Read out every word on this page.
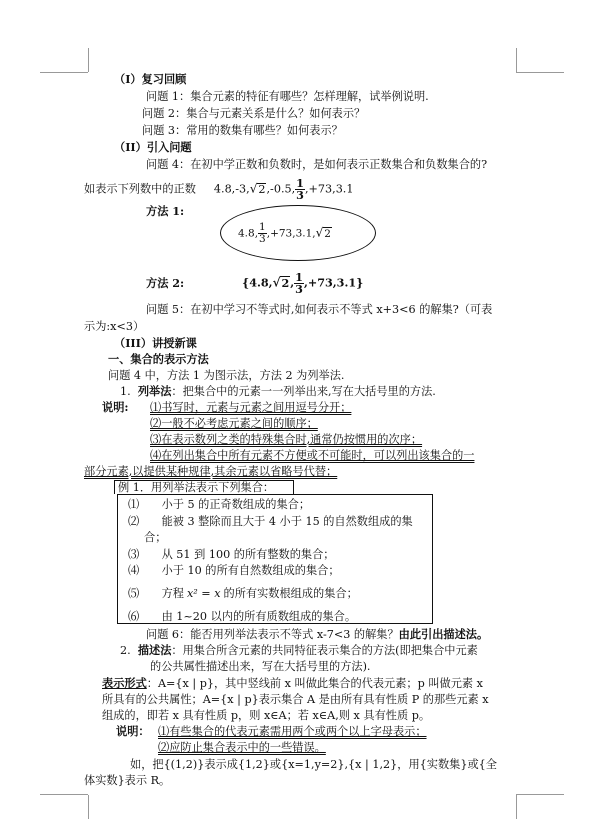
（I）复习回顾
问题 1：集合元素的特征有哪些？怎样理解，试举例说明.
问题 2：集合与元素关系是什么？如何表示？
问题 3：常用的数集有哪些？如何表示？
（II）引入问题
问题 4：在初中学正数和负数时，是如何表示正数集合和负数集合的?
如表示下列数中的正数 4.8,-3,√2,-0.5, $\frac{1}{3} ,+73,3.1$
方法 1:
4.8, $\frac{1}{3} ,+73,3.1,√2$
方法 2:	{4.8,√2, $\frac{1}{3} ,+73,3.1$}
问题 5：在初中学习不等式时,如何表示不等式 x+3<6 的解集?（可表
示为:x<3）
（III）讲授新课
一、集合的表示方法
问题 4 中，方法 1 为图示法，方法 2 为列举法.
1. 列举法：把集合中的元素一一列举出来,写在大括号里的方法.
说明: ⑴书写时，元素与元素之间用逗号分开；
⑵一般不必考虑元素之间的顺序；
⑶在表示数列之类的特殊集合时,通常仍按惯用的次序；
⑷在列出集合中所有元素不方便或不可能时，可以列出该集合的一
部分元素,以提供某种规律,其余元素以省略号代替；
例 1．用列举法表示下列集合：
⑴　　小于 5 的正奇数组成的集合；
⑵　　能被 3 整除而且大于 4 小于 15 的自然数组成的集
合；
⑶　　从 51 到 100 的所有整数的集合；
⑷　　小于 10 的所有自然数组成的集合；
⑸　　方程 x² = x 的所有实数根组成的集合；
⑹　　由 1~20 以内的所有质数组成的集合。
问题 6：能否用列举法表示不等式 x-7<3 的解集？由此引出描述法。
2. 描述法：用集合所含元素的共同特征表示集合的方法(即把集合中元素
的公共属性描述出来，写在大括号里的方法).
表示形式：A={x | p}，其中竖线前 x 叫做此集合的代表元素；p 叫做元素 x
所具有的公共属性；A={x | p}表示集合 A 是由所有具有性质 P 的那些元素 x
组成的，即若 x 具有性质 p，则 x∈A；若 x∈A,则 x 具有性质 p。
说明： ⑴有些集合的代表元素需用两个或两个以上字母表示；
⑵应防止集合表示中的一些错误。
如，把{(1,2)}表示成{1,2}或{x=1,y=2},{x | 1,2}，用{实数集}或{全
体实数}表示 R。
